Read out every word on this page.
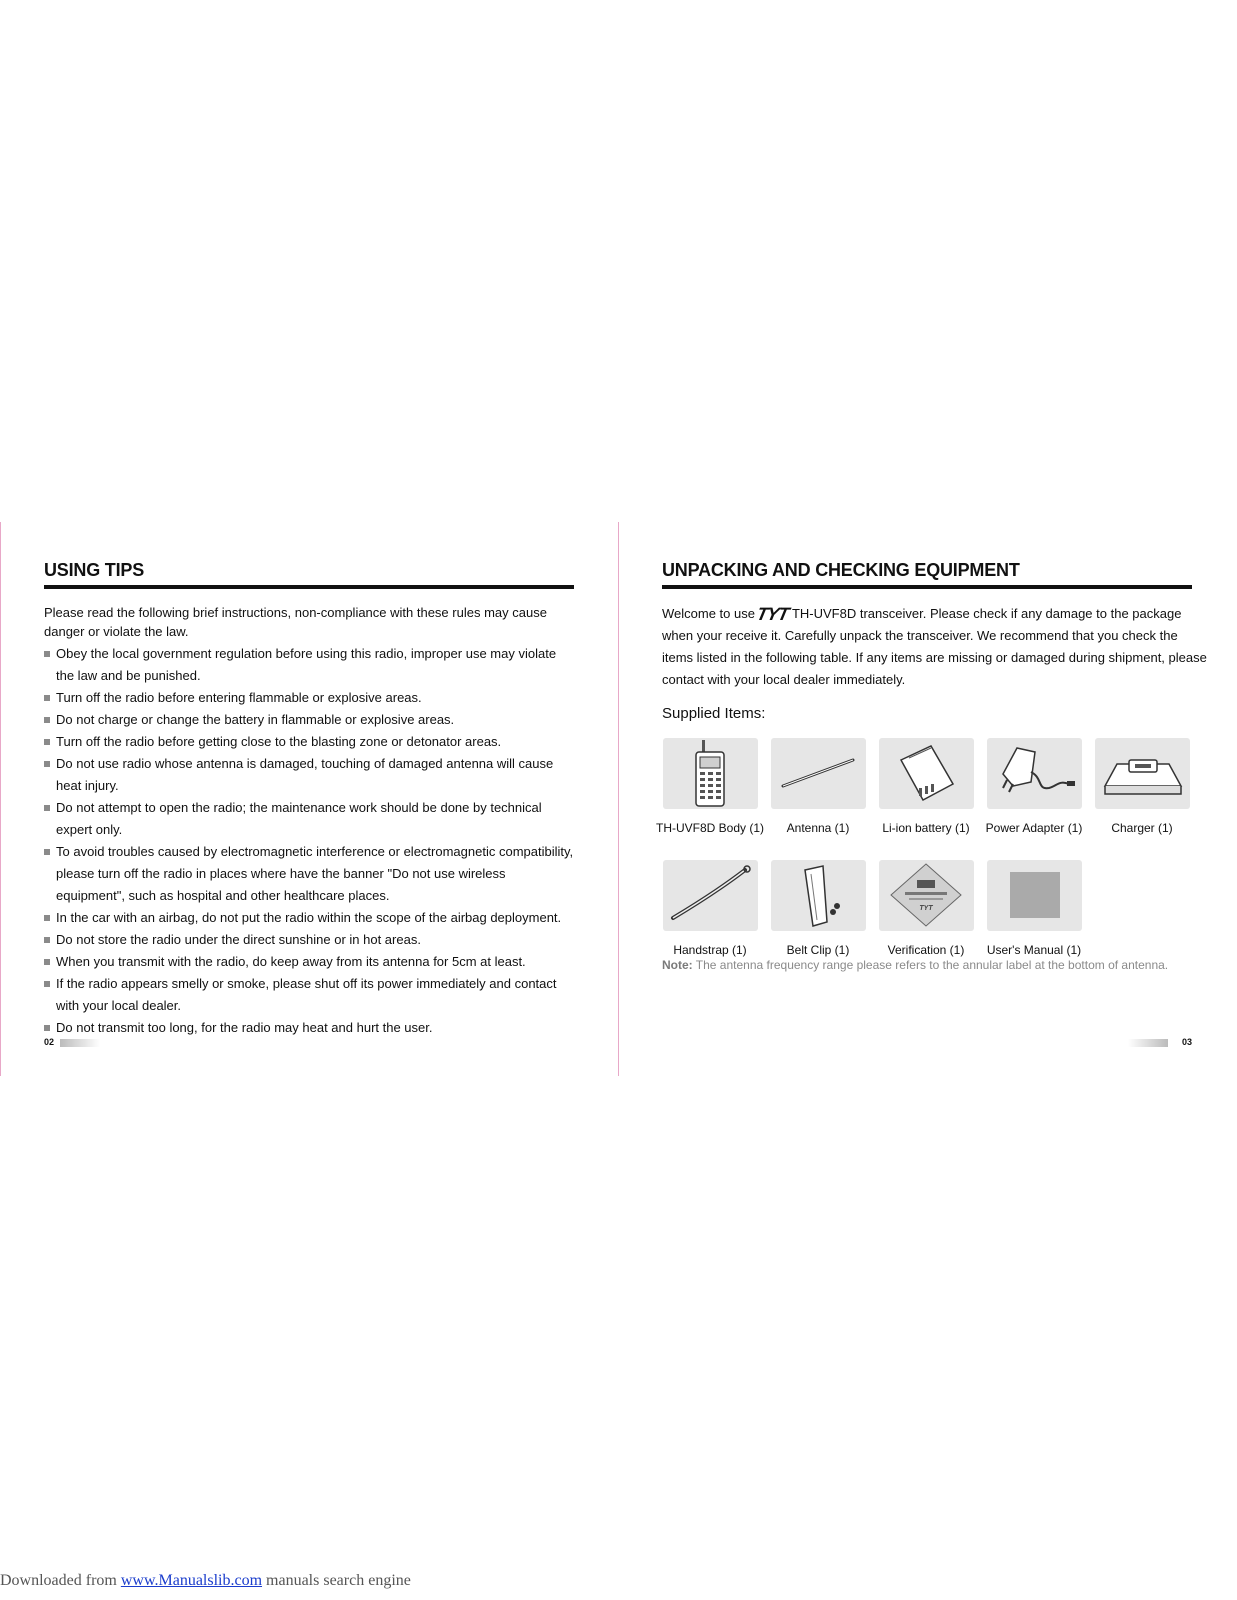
USING TIPS

Please read the following brief instructions, non-compliance with these rules may cause danger or violate the law.

Obey the local government regulation before using this radio, improper use may violate the law and be punished.
Turn off the radio before entering flammable or explosive areas.
Do not charge or change the battery in flammable or explosive areas.
Turn off the radio before getting close to the blasting zone or detonator areas.
Do not use radio whose antenna is damaged, touching of damaged antenna will cause heat injury.
Do not attempt to open the radio; the maintenance work should be done by technical expert only.
To avoid troubles caused by electromagnetic interference or electromagnetic compatibility, please turn off the radio in places where have the banner "Do not use wireless equipment", such as hospital and other healthcare places.
In the car with an airbag, do not put the radio within the scope of the airbag deployment.
Do not store the radio under the direct sunshine or in hot areas.
When you transmit with the radio, do keep away from its antenna for 5cm at least.
If the radio appears smelly or smoke, please shut off its power immediately and contact with your local dealer.
Do not transmit too long, for the radio may heat and hurt the user.
02
UNPACKING AND CHECKING EQUIPMENT

Welcome to useTYT TH-UVF8D transceiver. Please check if any damage to the package when your receive it. Carefully unpack the transceiver. We recommend that you check the items listed in the following table. If any items are missing or damaged during shipment, please contact with your local dealer immediately.

Supplied Items:
TH-UVF8D Body (1)	Antenna (1)	Li-ion battery (1)	Power Adapter (1)	Charger (1)
Handstrap (1)	Belt Clip (1)
TYT
Verification (1)	User's Manual (1)
Note: The antenna frequency range please refers to the annular label at the bottom of antenna.
03
Downloaded from www.Manualslib.com manuals search engine
